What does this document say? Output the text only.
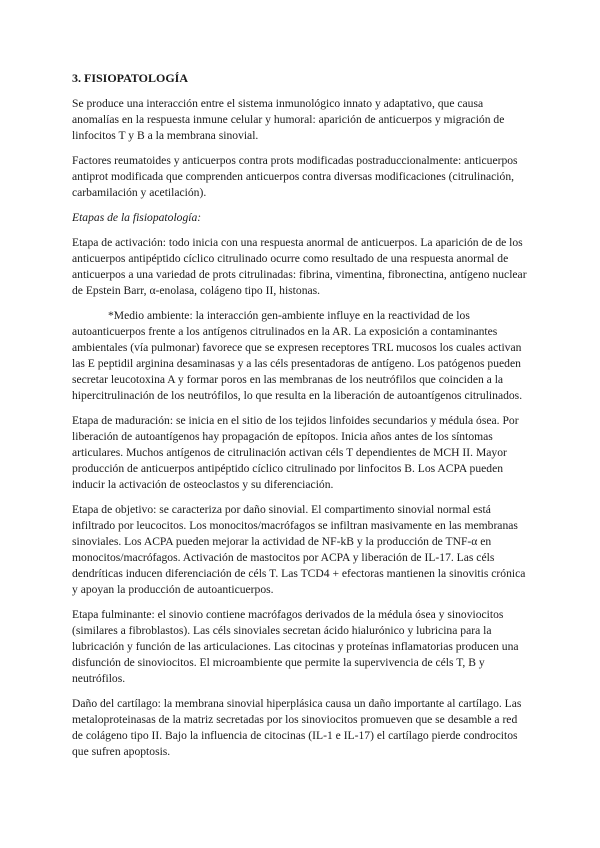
3. FISIOPATOLOGÍA

Se produce una interacción entre el sistema inmunológico innato y adaptativo, que causa anomalías en la respuesta inmune celular y humoral: aparición de anticuerpos y migración de linfocitos T y B a la membrana sinovial.

Factores reumatoides y anticuerpos contra prots modificadas postraduccionalmente: anticuerpos antiprot modificada que comprenden anticuerpos contra diversas modificaciones (citrulinación, carbamilación y acetilación).

Etapas de la fisiopatología:

Etapa de activación: todo inicia con una respuesta anormal de anticuerpos. La aparición de de los anticuerpos antipéptido cíclico citrulinado ocurre como resultado de una respuesta anormal de anticuerpos a una variedad de prots citrulinadas: fibrina, vimentina, fibronectina, antígeno nuclear de Epstein Barr, α-enolasa, colágeno tipo II, histonas.

*Medio ambiente: la interacción gen-ambiente influye en la reactividad de los autoanticuerpos frente a los antígenos citrulinados en la AR. La exposición a contaminantes ambientales (vía pulmonar) favorece que se expresen receptores TRL mucosos los cuales activan las E peptidil arginina desaminasas y a las céls presentadoras de antígeno. Los patógenos pueden secretar leucotoxina A y formar poros en las membranas de los neutrófilos que coinciden a la hipercitrulinación de los neutrófilos, lo que resulta en la liberación de autoantígenos citrulinados.

Etapa de maduración: se inicia en el sitio de los tejidos linfoides secundarios y médula ósea. Por liberación de autoantígenos hay propagación de epítopos. Inicia años antes de los síntomas articulares. Muchos antígenos de citrulinación activan céls T dependientes de MCH II. Mayor producción de anticuerpos antipéptido cíclico citrulinado por linfocitos B. Los ACPA pueden inducir la activación de osteoclastos y su diferenciación.

Etapa de objetivo: se caracteriza por daño sinovial. El compartimento sinovial normal está infiltrado por leucocitos. Los monocitos/macrófagos se infiltran masivamente en las membranas sinoviales. Los ACPA pueden mejorar la actividad de NF-kB y la producción de TNF-α en monocitos/macrófagos. Activación de mastocitos por ACPA y liberación de IL-17. Las céls dendríticas inducen diferenciación de céls T. Las TCD4 + efectoras mantienen la sinovitis crónica y apoyan la producción de autoanticuerpos.

Etapa fulminante: el sinovio contiene macrófagos derivados de la médula ósea y sinoviocitos (similares a fibroblastos). Las céls sinoviales secretan ácido hialurónico y lubricina para la lubricación y función de las articulaciones. Las citocinas y proteínas inflamatorias producen una disfunción de sinoviocitos. El microambiente que permite la supervivencia de céls T, B y neutrófilos.

Daño del cartílago: la membrana sinovial hiperplásica causa un daño importante al cartílago. Las metaloproteinasas de la matriz secretadas por los sinoviocitos promueven que se desamble a red de colágeno tipo II. Bajo la influencia de citocinas (IL-1 e IL-17) el cartílago pierde condrocitos que sufren apoptosis.
